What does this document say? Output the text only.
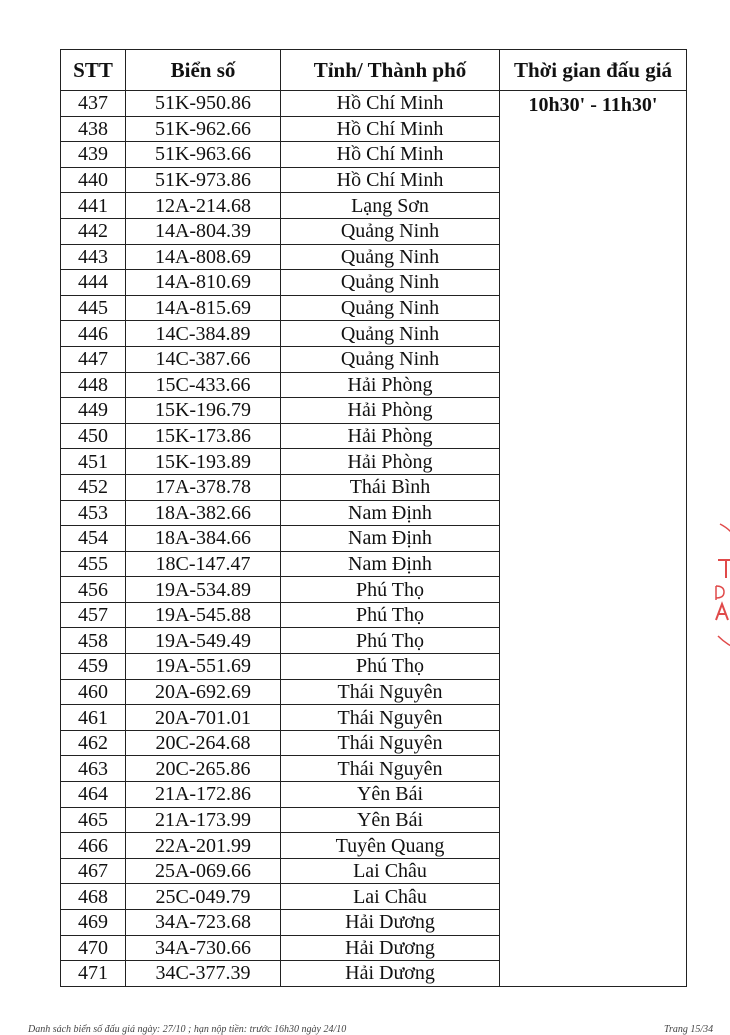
STT	Biển số	Tỉnh/ Thành phố	Thời gian đấu giá
437	51K-950.86	Hồ Chí Minh	10h30' - 11h30'
438	51K-962.66	Hồ Chí Minh	
439	51K-963.66	Hồ Chí Minh	
440	51K-973.86	Hồ Chí Minh	
441	12A-214.68	Lạng Sơn	
442	14A-804.39	Quảng Ninh	
443	14A-808.69	Quảng Ninh	
444	14A-810.69	Quảng Ninh	
445	14A-815.69	Quảng Ninh	
446	14C-384.89	Quảng Ninh	
447	14C-387.66	Quảng Ninh	
448	15C-433.66	Hải Phòng	
449	15K-196.79	Hải Phòng	
450	15K-173.86	Hải Phòng	
451	15K-193.89	Hải Phòng	
452	17A-378.78	Thái Bình	
453	18A-382.66	Nam Định	
454	18A-384.66	Nam Định	
455	18C-147.47	Nam Định	
456	19A-534.89	Phú Thọ	
457	19A-545.88	Phú Thọ	
458	19A-549.49	Phú Thọ	
459	19A-551.69	Phú Thọ	
460	20A-692.69	Thái Nguyên	
461	20A-701.01	Thái Nguyên	
462	20C-264.68	Thái Nguyên	
463	20C-265.86	Thái Nguyên	
464	21A-172.86	Yên Bái	
465	21A-173.99	Yên Bái	
466	22A-201.99	Tuyên Quang	
467	25A-069.66	Lai Châu	
468	25C-049.79	Lai Châu	
469	34A-723.68	Hải Dương	
470	34A-730.66	Hải Dương	
471	34C-377.39	Hải Dương	
Danh sách biển số đấu giá ngày: 27/10 ; hạn nộp tiền: trước 16h30 ngày 24/10	Trang 15/34
